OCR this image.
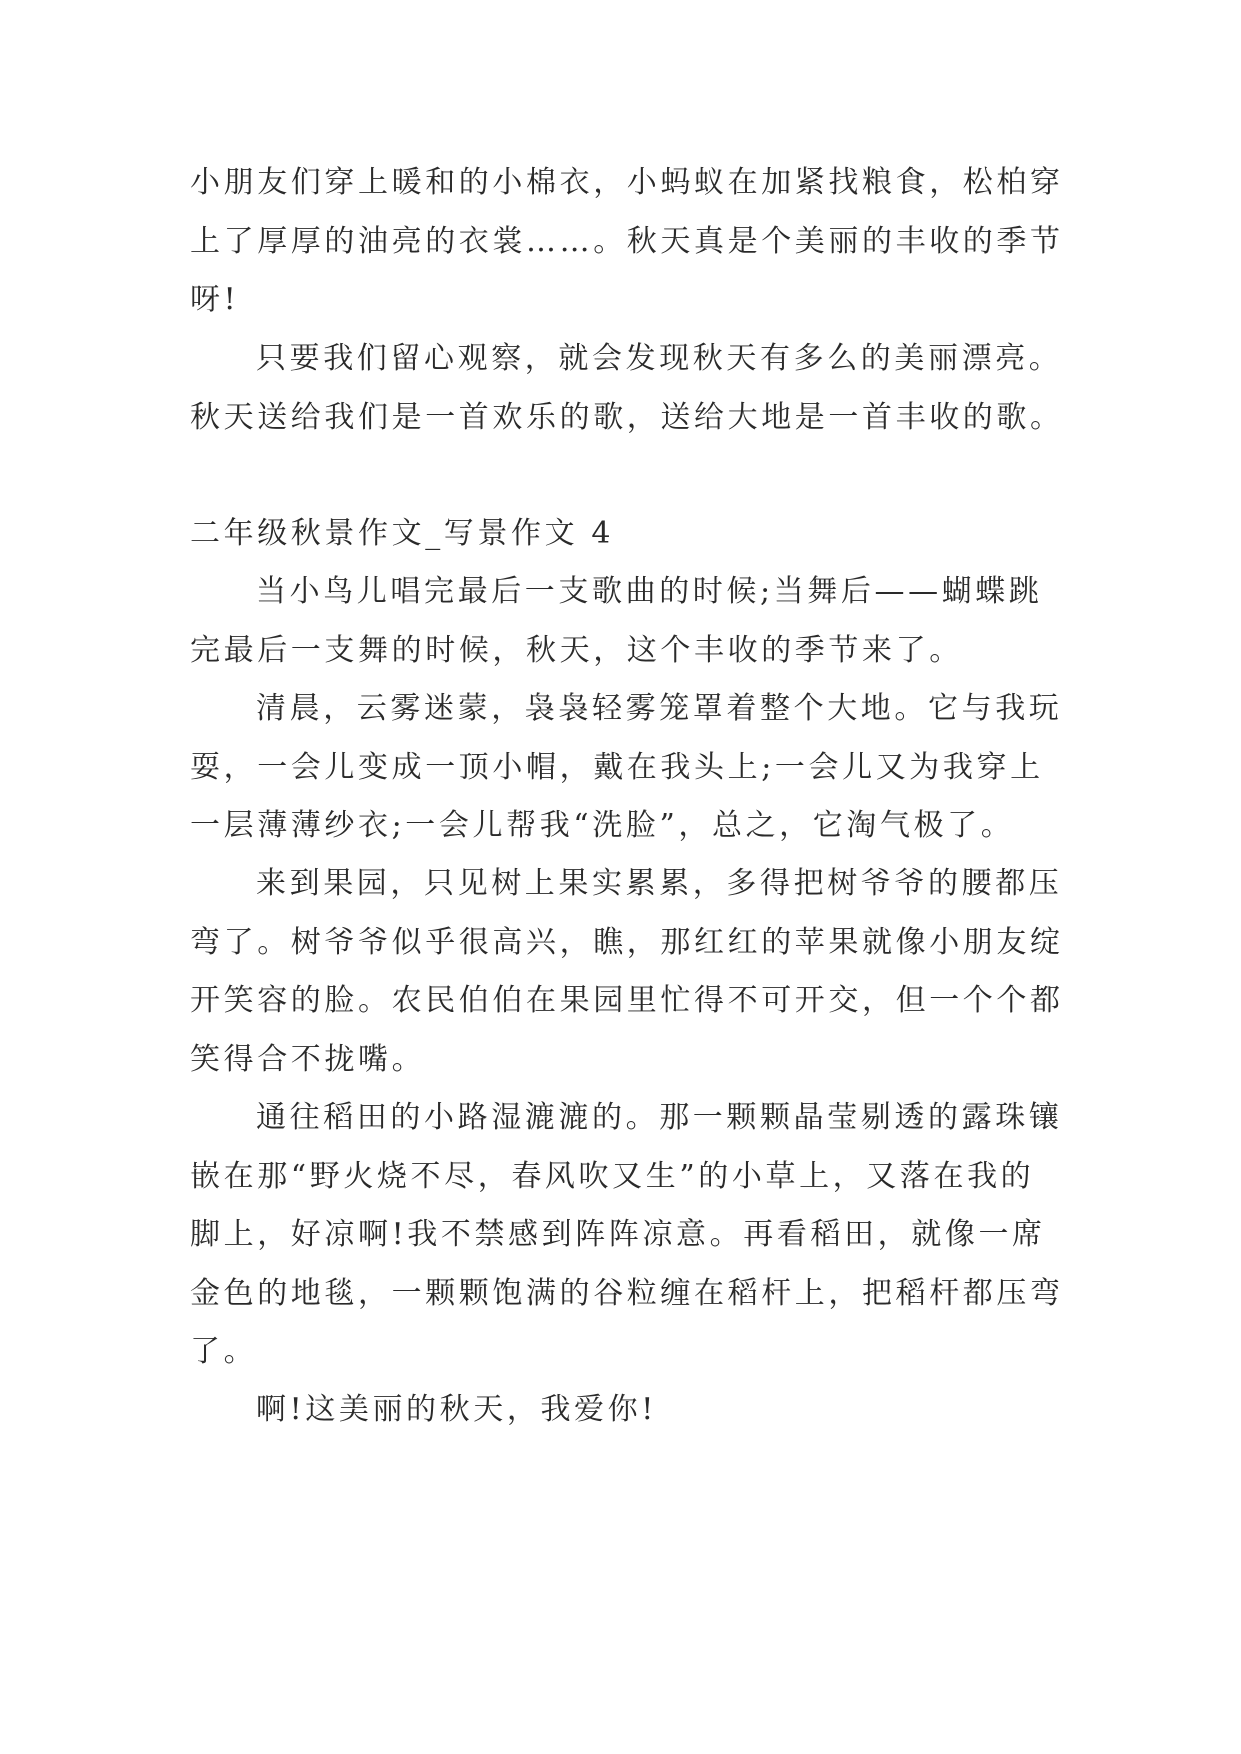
小朋友们穿上暖和的小棉衣，小蚂蚁在加紧找粮食，松柏穿
上了厚厚的油亮的衣裳……。秋天真是个美丽的丰收的季节
呀!
只要我们留心观察，就会发现秋天有多么的美丽漂亮。
秋天送给我们是一首欢乐的歌，送给大地是一首丰收的歌。
二年级秋景作文_写景作文 4
当小鸟儿唱完最后一支歌曲的时候;当舞后——蝴蝶跳
完最后一支舞的时候，秋天，这个丰收的季节来了。
清晨，云雾迷蒙，袅袅轻雾笼罩着整个大地。它与我玩
耍，一会儿变成一顶小帽，戴在我头上;一会儿又为我穿上
一层薄薄纱衣;一会儿帮我“洗脸”，总之，它淘气极了。
来到果园，只见树上果实累累，多得把树爷爷的腰都压
弯了。树爷爷似乎很高兴，瞧，那红红的苹果就像小朋友绽
开笑容的脸。农民伯伯在果园里忙得不可开交，但一个个都
笑得合不拢嘴。
通往稻田的小路湿漉漉的。那一颗颗晶莹剔透的露珠镶
嵌在那“野火烧不尽，春风吹又生”的小草上，又落在我的
脚上，好凉啊!我不禁感到阵阵凉意。再看稻田，就像一席
金色的地毯，一颗颗饱满的谷粒缠在稻杆上，把稻杆都压弯
了。
啊!这美丽的秋天，我爱你!
